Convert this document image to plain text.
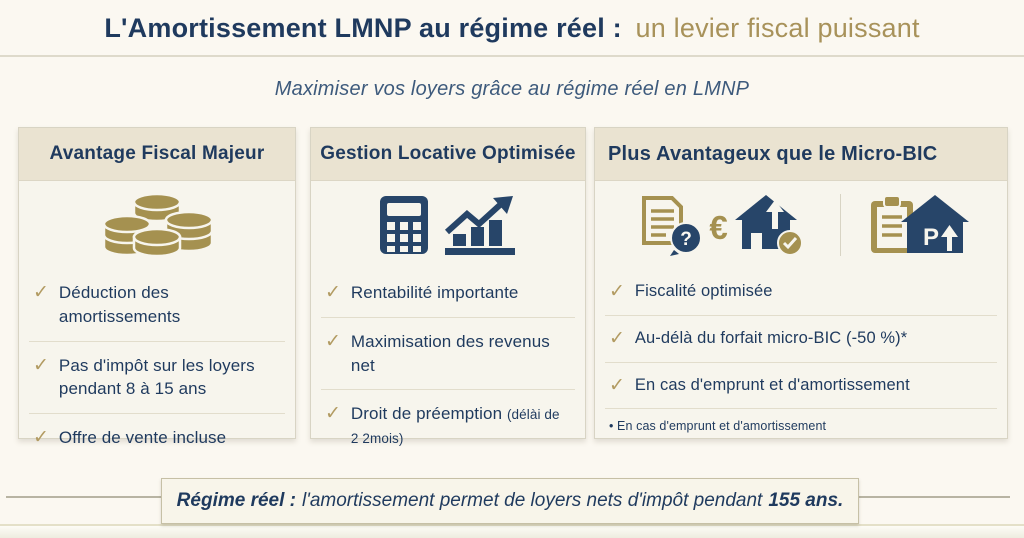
L'Amortissement LMNP au régime réel : un levier fiscal puissant
Maximiser vos loyers grâce au régime réel en LMNP
Avantage Fiscal Majeur
✓ Déduction des amortissements
✓ Pas d'impôt sur les loyers pendant 8 à 15 ans
✓ Offre de vente incluse
Gestion Locative Optimisée
✓ Rentabilité importante
✓ Maximisation des revenus net
✓ Droit de préemption (délài de 2 2mois)
Plus Avantageux que le Micro-BIC
? €	P
✓ Fiscalité optimisée
✓ Au-délà du forfait micro-BIC (-50 %)*
✓ En cas d'emprunt et d'amortissement
• En cas d'emprunt et d'amortissement
Régime réel : l'amortissement permet de loyers nets d'impôt pendant 155 ans.
